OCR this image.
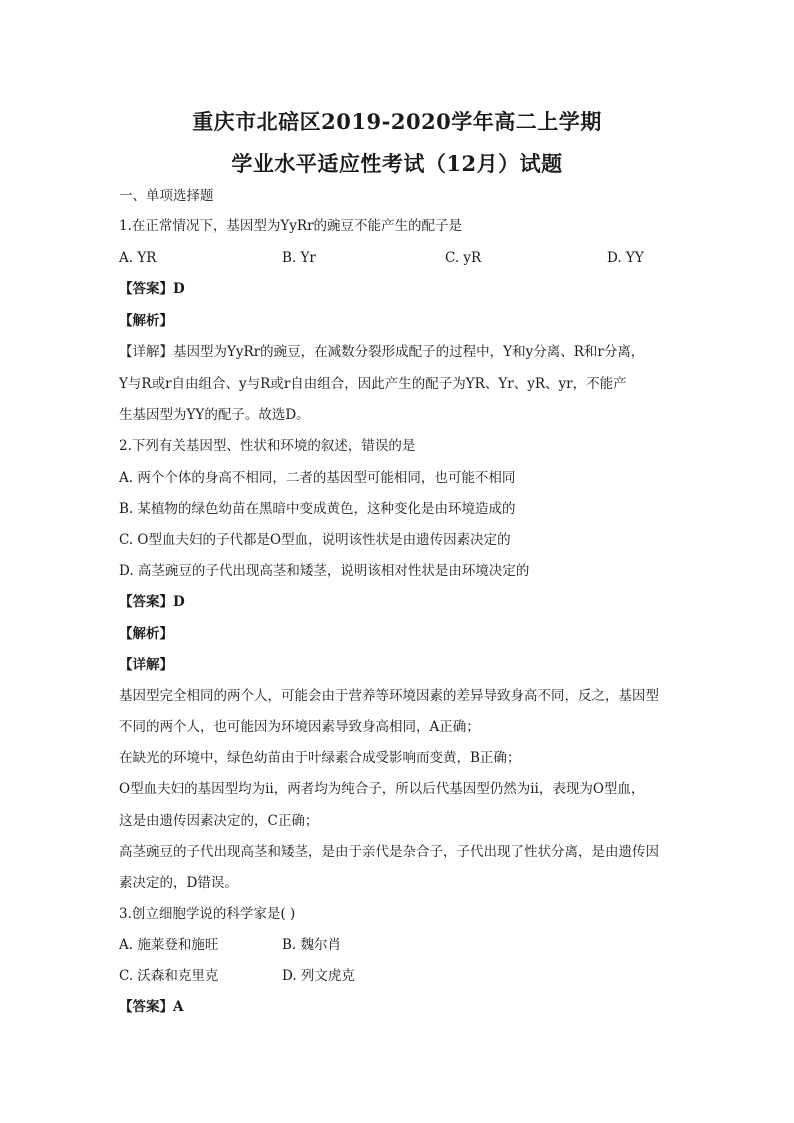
重庆市北碚区2019-2020学年高二上学期
学业水平适应性考试（12月）试题
一、单项选择题
1.在正常情况下，基因型为YyRr的豌豆不能产生的配子是
A. YR	B. Yr	C. yR	D. YY
【答案】D
【解析】
【详解】基因型为YyRr的豌豆，在减数分裂形成配子的过程中，Y和y分离、R和r分离，
Y与R或r自由组合、y与R或r自由组合，因此产生的配子为YR、Yr、yR、yr，不能产
生基因型为YY的配子。故选D。
2.下列有关基因型、性状和环境的叙述，错误的是
A. 两个个体的身高不相同，二者的基因型可能相同，也可能不相同
B. 某植物的绿色幼苗在黑暗中变成黄色，这种变化是由环境造成的
C. O型血夫妇的子代都是O型血，说明该性状是由遗传因素决定的
D. 高茎豌豆的子代出现高茎和矮茎，说明该相对性状是由环境决定的
【答案】D
【解析】
【详解】
基因型完全相同的两个人，可能会由于营养等环境因素的差异导致身高不同，反之，基因型
不同的两个人，也可能因为环境因素导致身高相同，A正确；
在缺光的环境中，绿色幼苗由于叶绿素合成受影响而变黄，B正确；
O型血夫妇的基因型均为ii，两者均为纯合子，所以后代基因型仍然为ii，表现为O型血，
这是由遗传因素决定的，C正确；
高茎豌豆的子代出现高茎和矮茎，是由于亲代是杂合子，子代出现了性状分离，是由遗传因
素决定的，D错误。
3.创立细胞学说的科学家是( )
A. 施莱登和施旺	B. 魏尔肖
C. 沃森和克里克	D. 列文虎克
【答案】A
